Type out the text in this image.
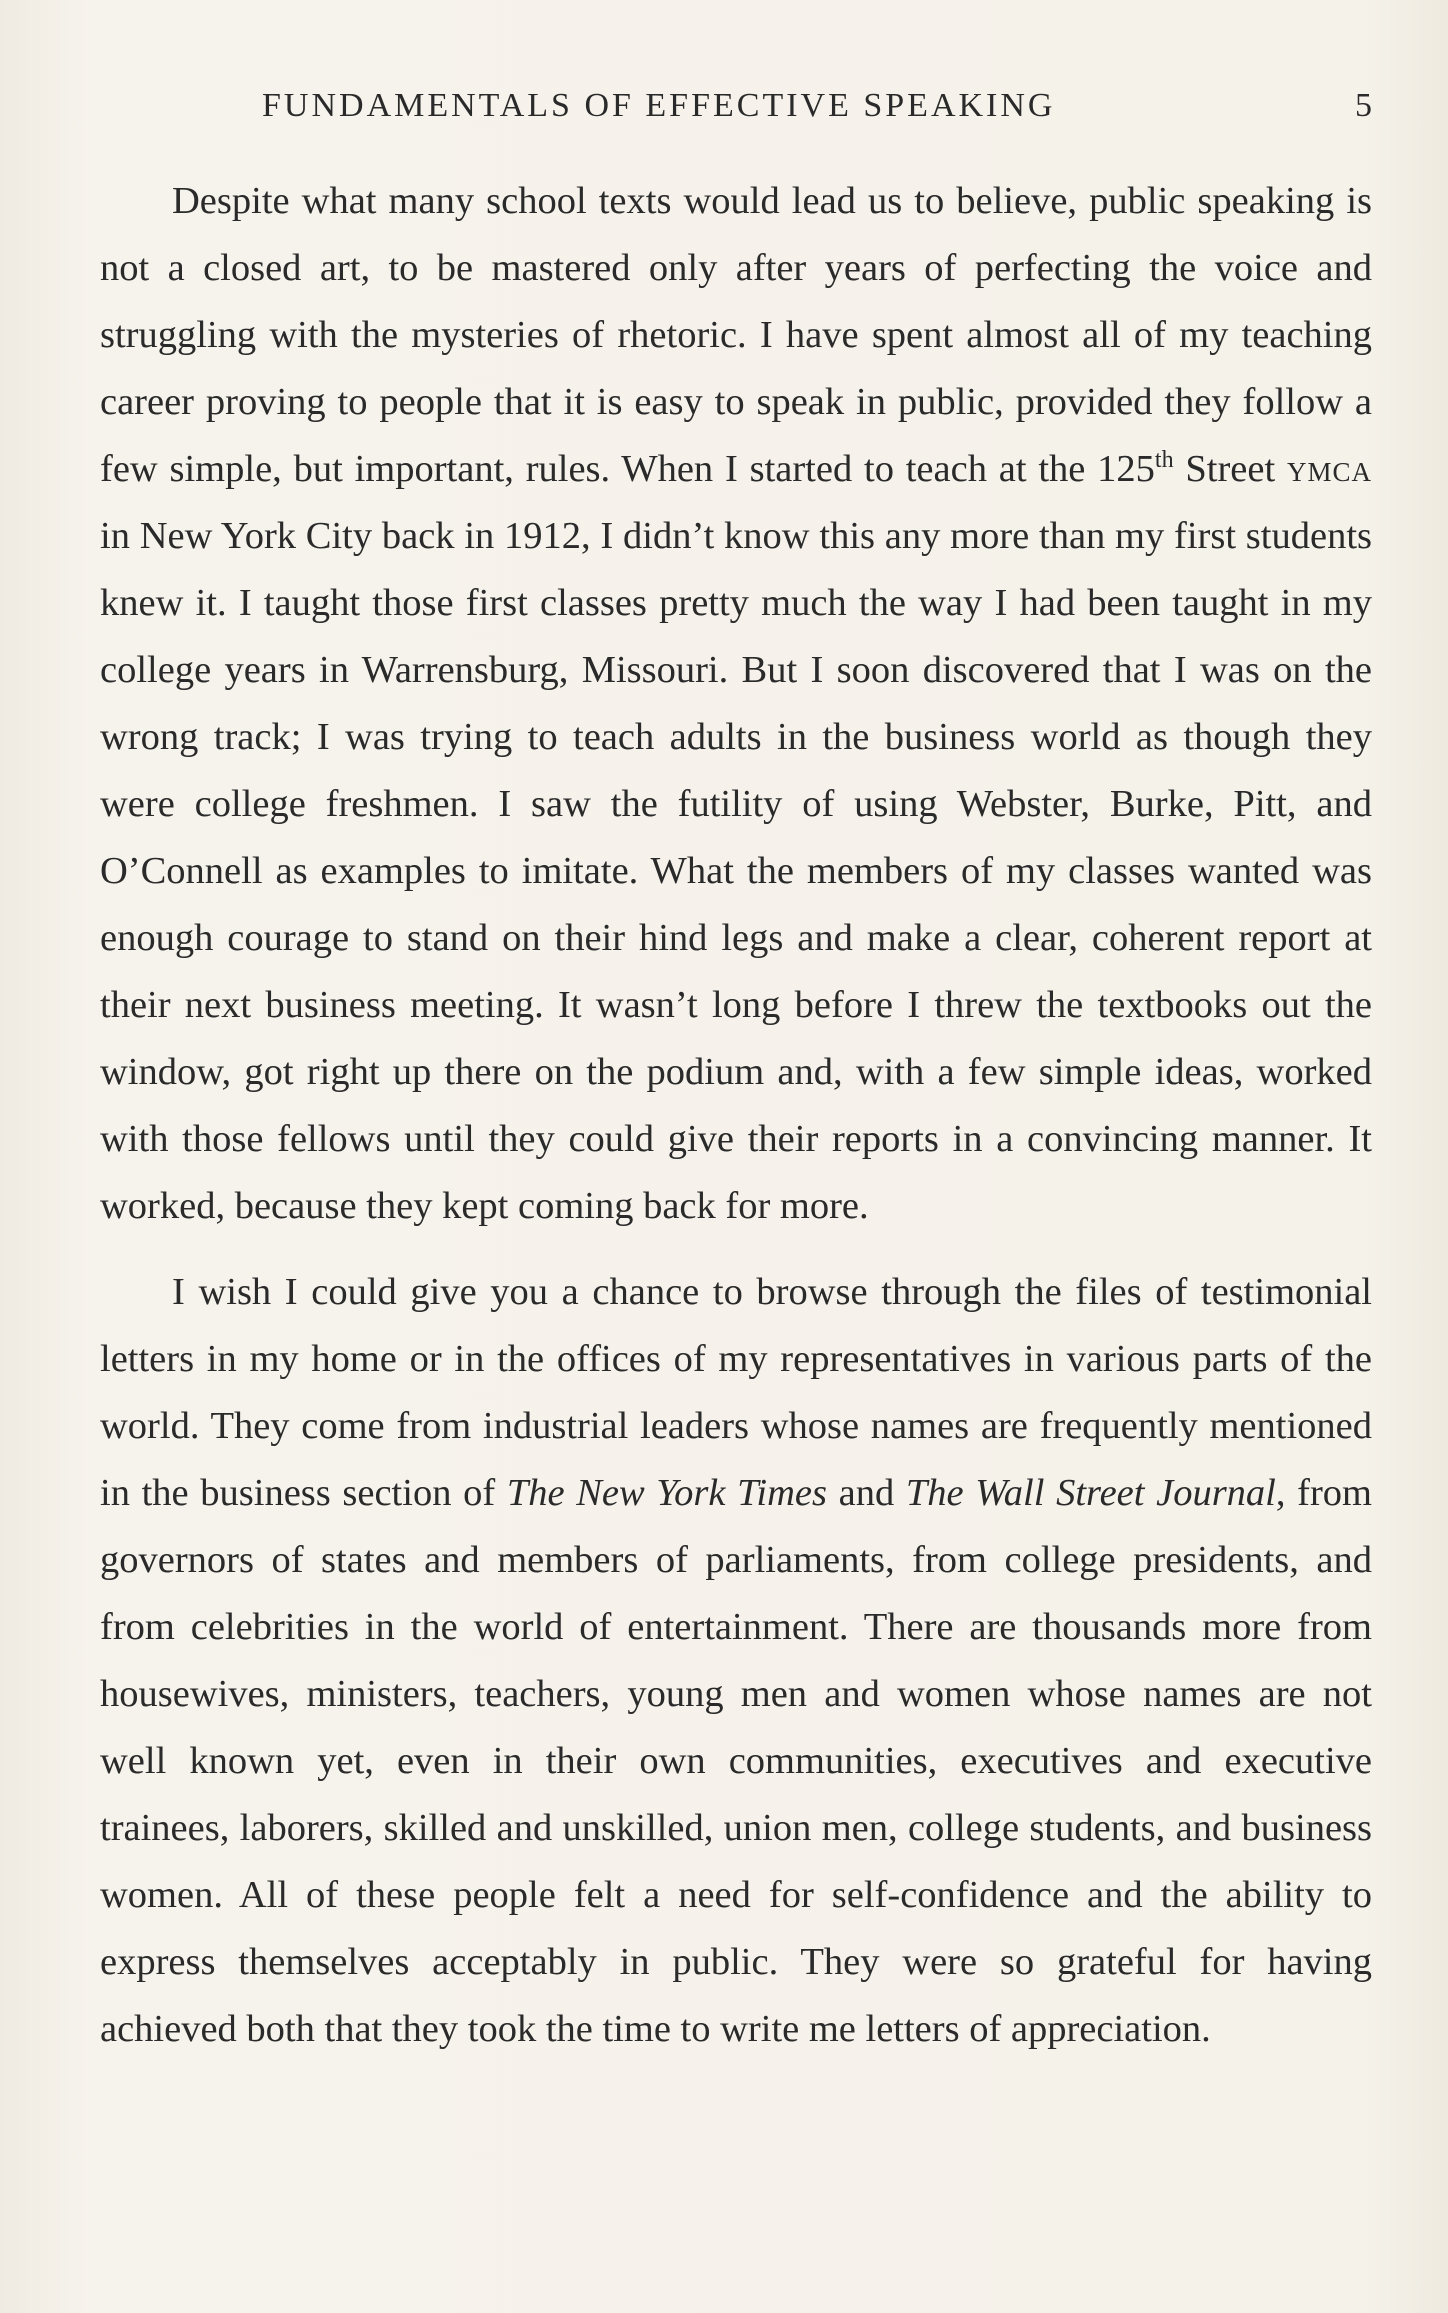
FUNDAMENTALS OF EFFECTIVE SPEAKING	5

Despite what many school texts would lead us to believe, public speaking is not a closed art, to be mastered only after years of perfecting the voice and struggling with the mysteries of rhetoric. I have spent almost all of my teaching career proving to people that it is easy to speak in public, provided they follow a few simple, but important, rules. When I started to teach at the 125th Street ymca in New York City back in 1912, I didn’t know this any more than my first students knew it. I taught those first classes pretty much the way I had been taught in my college years in Warrensburg, Missouri. But I soon discovered that I was on the wrong track; I was trying to teach adults in the business world as though they were college freshmen. I saw the futility of using Webster, Burke, Pitt, and O’Connell as examples to imitate. What the members of my classes wanted was enough courage to stand on their hind legs and make a clear, coherent report at their next business meeting. It wasn’t long before I threw the textbooks out the window, got right up there on the podium and, with a few simple ideas, worked with those fellows until they could give their reports in a convincing manner. It worked, because they kept coming back for more.

I wish I could give you a chance to browse through the files of testimonial letters in my home or in the offices of my representatives in various parts of the world. They come from industrial leaders whose names are frequently mentioned in the business section of The New York Times and The Wall Street Journal, from governors of states and members of parliaments, from college presidents, and from celebrities in the world of entertainment. There are thousands more from housewives, ministers, teachers, young men and women whose names are not well known yet, even in their own communities, executives and executive trainees, laborers, skilled and unskilled, union men, college students, and business women. All of these people felt a need for self-confidence and the ability to express themselves acceptably in public. They were so grateful for having achieved both that they took the time to write me letters of appreciation.
